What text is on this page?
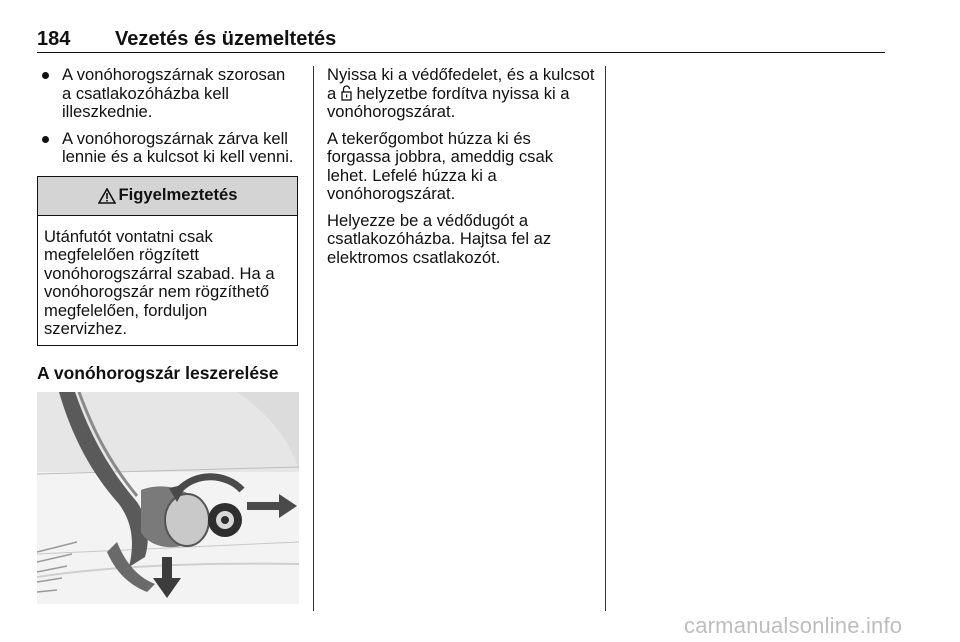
184 Vezetés és üzemeltetés
A vonóhorogszárnak szorosan a csatlakozóházba kell illeszkednie.
A vonóhorogszárnak zárva kell lennie és a kulcsot ki kell venni.
Figyelmeztetés
Utánfutót vontatni csak megfelelően rögzített vonóhorogszárral szabad. Ha a vonóhorogszár nem rögzíthető megfelelően, forduljon szervizhez.
A vonóhorogszár leszerelése

Nyissa ki a védőfedelet, és a kulcsot a  helyzetbe fordítva nyissa ki a vonóhorogszárat.

A tekerőgombot húzza ki és forgassa jobbra, ameddig csak lehet. Lefelé húzza ki a vonóhorogszárat.

Helyezze be a védődugót a csatlakozóházba. Hajtsa fel az elektromos csatlakozót.

carmanualsonline.info
